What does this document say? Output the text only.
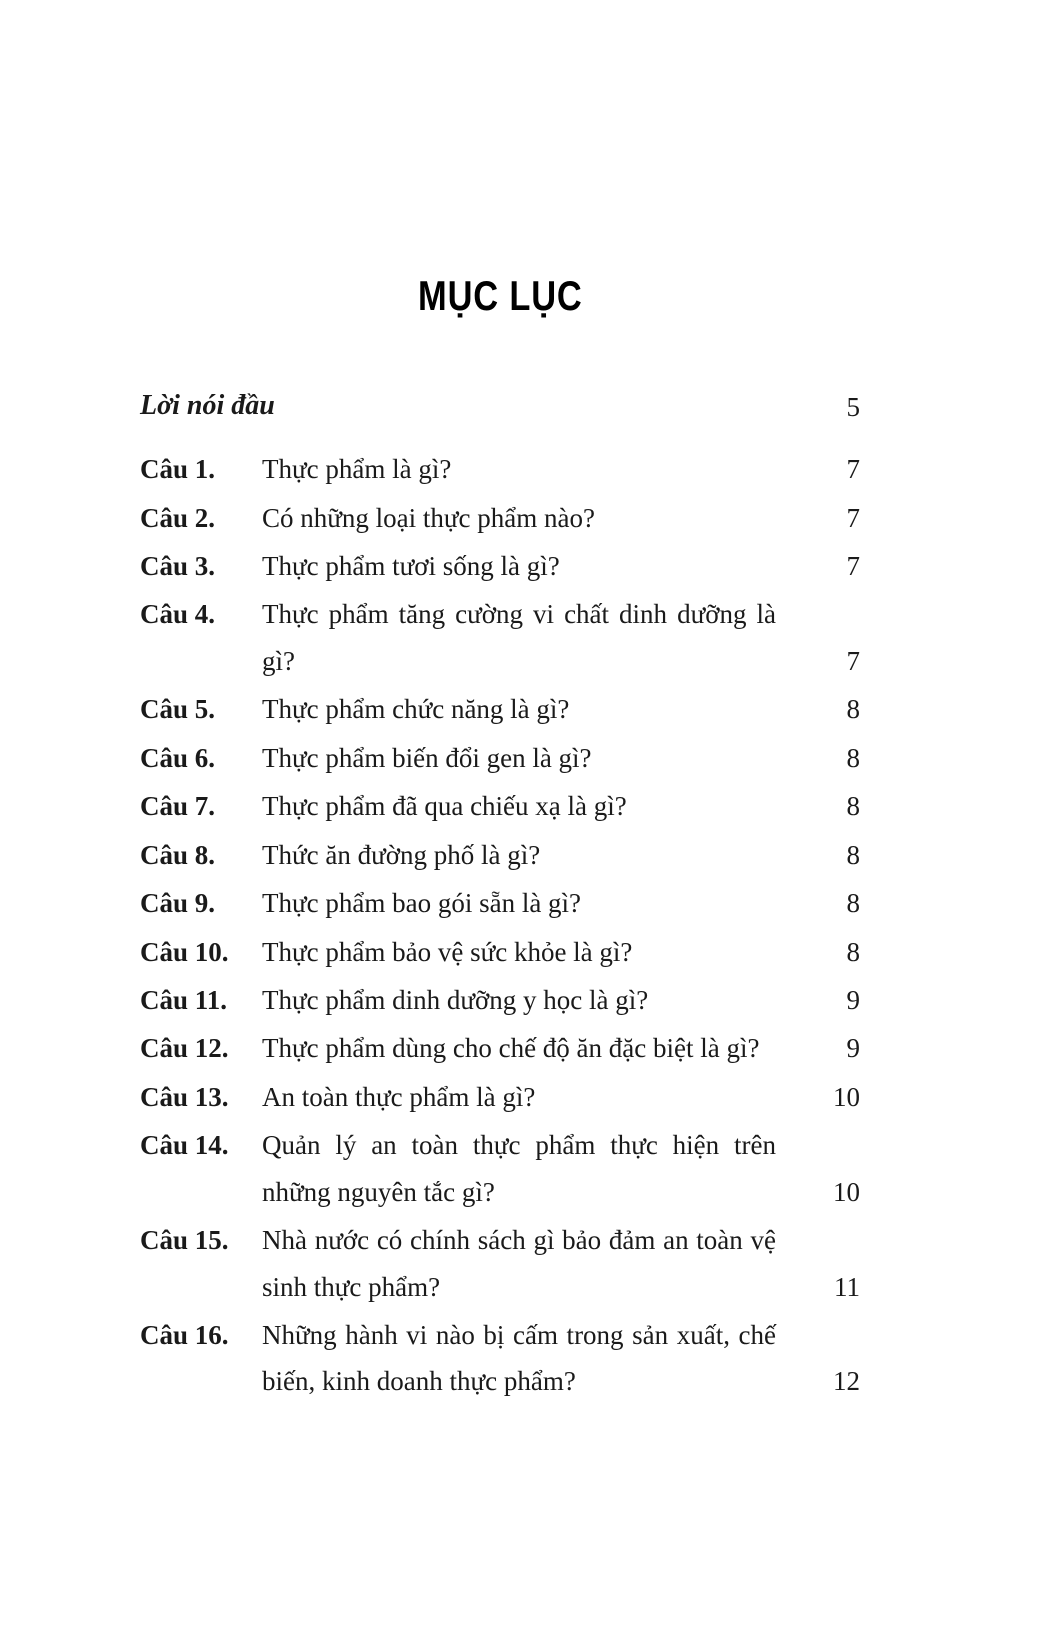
MỤC LỤC
Lời nói đầu	5
Câu 1.	Thực phẩm là gì?	7
Câu 2.	Có những loại thực phẩm nào?	7
Câu 3.	Thực phẩm tươi sống là gì?	7
Câu 4.	Thực phẩm tăng cường vi chất dinh dưỡng là gì?	7
Câu 5.	Thực phẩm chức năng là gì?	8
Câu 6.	Thực phẩm biến đổi gen là gì?	8
Câu 7.	Thực phẩm đã qua chiếu xạ là gì?	8
Câu 8.	Thức ăn đường phố là gì?	8
Câu 9.	Thực phẩm bao gói sẵn là gì?	8
Câu 10.	Thực phẩm bảo vệ sức khỏe là gì?	8
Câu 11.	Thực phẩm dinh dưỡng y học là gì?	9
Câu 12.	Thực phẩm dùng cho chế độ ăn đặc biệt là gì?	9
Câu 13.	An toàn thực phẩm là gì?	10
Câu 14.	Quản lý an toàn thực phẩm thực hiện trên những nguyên tắc gì?	10
Câu 15.	Nhà nước có chính sách gì bảo đảm an toàn vệ sinh thực phẩm?	11
Câu 16.	Những hành vi nào bị cấm trong sản xuất, chế biến, kinh doanh thực phẩm?	12
